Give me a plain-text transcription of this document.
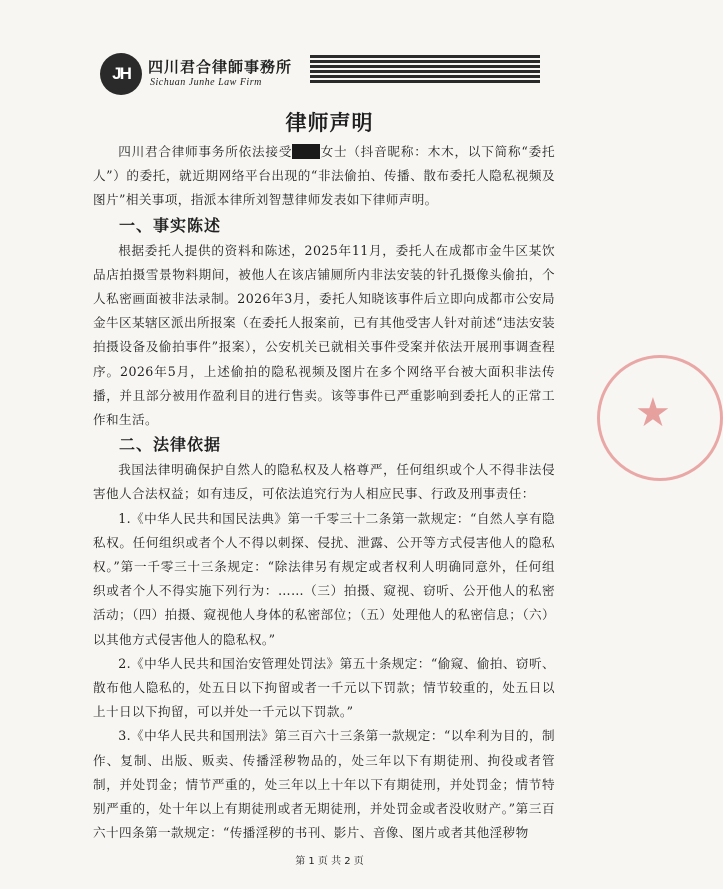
JH	四川君合律師事務所
Sichuan Junhe Law Firm
律师声明

四川君合律师事务所依法接受 女士（抖音昵称：木木，以下简称“委托人”）的委托，就近期网络平台出现的“非法偷拍、传播、散布委托人隐私视频及图片”相关事项，指派本律所刘智慧律师发表如下律师声明。

一、事实陈述

根据委托人提供的资料和陈述，2025年11月，委托人在成都市金牛区某饮品店拍摄雪景物料期间，被他人在该店铺厕所内非法安装的针孔摄像头偷拍，个人私密画面被非法录制。2026年3月，委托人知晓该事件后立即向成都市公安局金牛区某辖区派出所报案（在委托人报案前，已有其他受害人针对前述“违法安装拍摄设备及偷拍事件”报案），公安机关已就相关事件受案并依法开展刑事调查程序。2026年5月，上述偷拍的隐私视频及图片在多个网络平台被大面积非法传播，并且部分被用作盈利目的进行售卖。该等事件已严重影响到委托人的正常工作和生活。

二、法律依据

我国法律明确保护自然人的隐私权及人格尊严，任何组织或个人不得非法侵害他人合法权益；如有违反，可依法追究行为人相应民事、行政及刑事责任：

1.《中华人民共和国民法典》第一千零三十二条第一款规定：“自然人享有隐私权。任何组织或者个人不得以刺探、侵扰、泄露、公开等方式侵害他人的隐私权。”第一千零三十三条规定：“除法律另有规定或者权利人明确同意外，任何组织或者个人不得实施下列行为：……（三）拍摄、窥视、窃听、公开他人的私密活动；（四）拍摄、窥视他人身体的私密部位；（五）处理他人的私密信息；（六）以其他方式侵害他人的隐私权。”

2.《中华人民共和国治安管理处罚法》第五十条规定：“偷窥、偷拍、窃听、散布他人隐私的，处五日以下拘留或者一千元以下罚款；情节较重的，处五日以上十日以下拘留，可以并处一千元以下罚款。”

3.《中华人民共和国刑法》第三百六十三条第一款规定：“以牟利为目的，制作、复制、出版、贩卖、传播淫秽物品的，处三年以下有期徒刑、拘役或者管制，并处罚金；情节严重的，处三年以上十年以下有期徒刑，并处罚金；情节特别严重的，处十年以上有期徒刑或者无期徒刑，并处罚金或者没收财产。”第三百六十四条第一款规定：“传播淫秽的书刊、影片、音像、图片或者其他淫秽物

★
第 1 页 共 2 页
